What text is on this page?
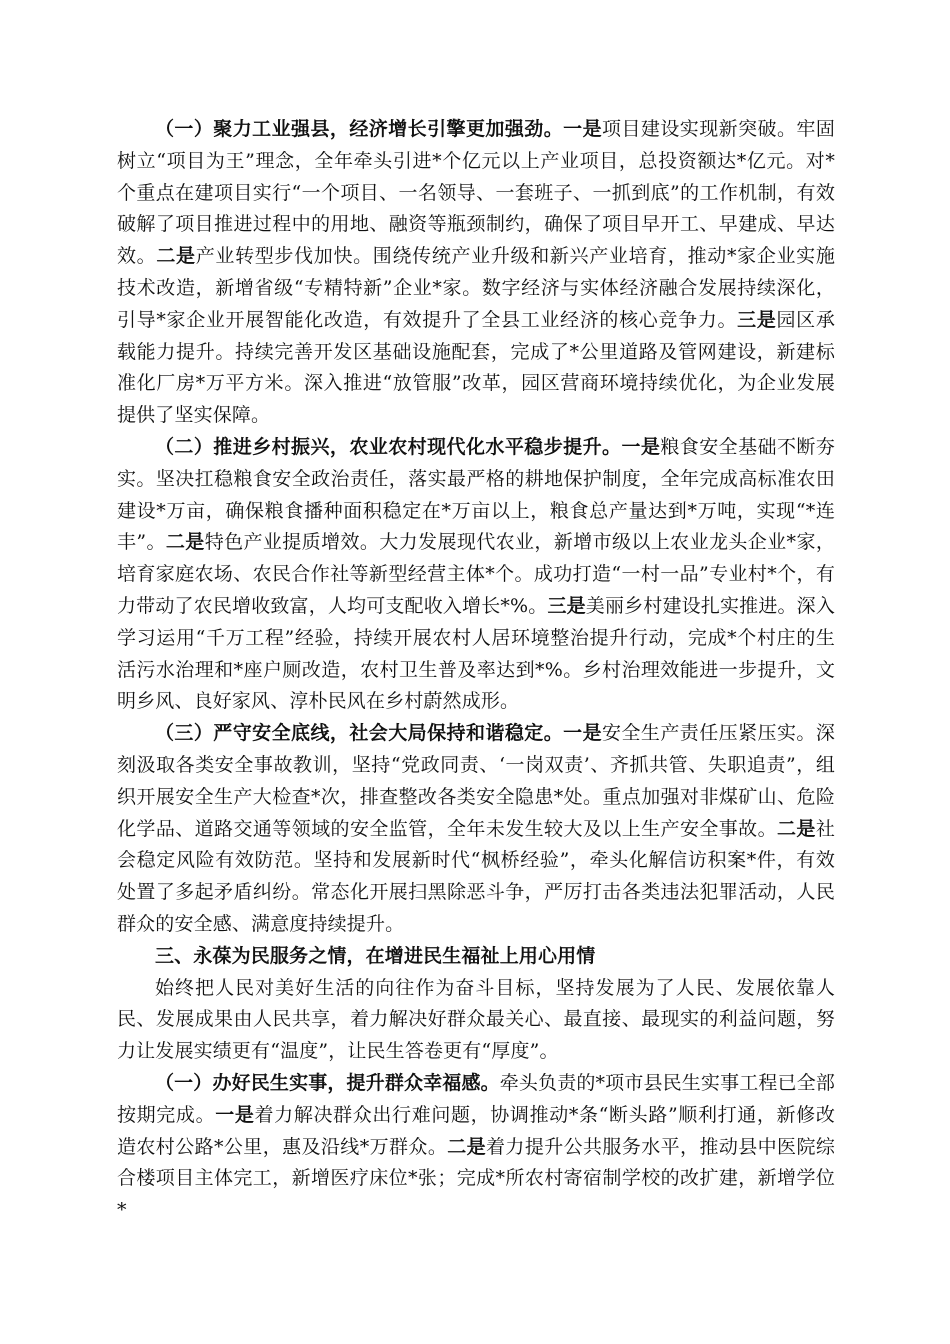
（一）聚力工业强县，经济增长引擎更加强劲。一是项目建设实现新突破。牢固树立“项目为王”理念，全年牵头引进*个亿元以上产业项目，总投资额达*亿元。对*个重点在建项目实行“一个项目、一名领导、一套班子、一抓到底”的工作机制，有效破解了项目推进过程中的用地、融资等瓶颈制约，确保了项目早开工、早建成、早达效。二是产业转型步伐加快。围绕传统产业升级和新兴产业培育，推动*家企业实施技术改造，新增省级“专精特新”企业*家。数字经济与实体经济融合发展持续深化，引导*家企业开展智能化改造，有效提升了全县工业经济的核心竞争力。三是园区承载能力提升。持续完善开发区基础设施配套，完成了*公里道路及管网建设，新建标准化厂房*万平方米。深入推进“放管服”改革，园区营商环境持续优化，为企业发展提供了坚实保障。

（二）推进乡村振兴，农业农村现代化水平稳步提升。一是粮食安全基础不断夯实。坚决扛稳粮食安全政治责任，落实最严格的耕地保护制度，全年完成高标准农田建设*万亩，确保粮食播种面积稳定在*万亩以上，粮食总产量达到*万吨，实现“*连丰”。二是特色产业提质增效。大力发展现代农业，新增市级以上农业龙头企业*家，培育家庭农场、农民合作社等新型经营主体*个。成功打造“一村一品”专业村*个，有力带动了农民增收致富，人均可支配收入增长*%。三是美丽乡村建设扎实推进。深入学习运用“千万工程”经验，持续开展农村人居环境整治提升行动，完成*个村庄的生活污水治理和*座户厕改造，农村卫生普及率达到*%。乡村治理效能进一步提升，文明乡风、良好家风、淳朴民风在乡村蔚然成形。

（三）严守安全底线，社会大局保持和谐稳定。一是安全生产责任压紧压实。深刻汲取各类安全事故教训，坚持“党政同责、‘一岗双责’、齐抓共管、失职追责”，组织开展安全生产大检查*次，排查整改各类安全隐患*处。重点加强对非煤矿山、危险化学品、道路交通等领域的安全监管，全年未发生较大及以上生产安全事故。二是社会稳定风险有效防范。坚持和发展新时代“枫桥经验”，牵头化解信访积案*件，有效处置了多起矛盾纠纷。常态化开展扫黑除恶斗争，严厉打击各类违法犯罪活动，人民群众的安全感、满意度持续提升。

三、永葆为民服务之情，在增进民生福祉上用心用情

始终把人民对美好生活的向往作为奋斗目标，坚持发展为了人民、发展依靠人民、发展成果由人民共享，着力解决好群众最关心、最直接、最现实的利益问题，努力让发展实绩更有“温度”，让民生答卷更有“厚度”。

（一）办好民生实事，提升群众幸福感。牵头负责的*项市县民生实事工程已全部按期完成。一是着力解决群众出行难问题，协调推动*条“断头路”顺利打通，新修改造农村公路*公里，惠及沿线*万群众。二是着力提升公共服务水平，推动县中医院综合楼项目主体完工，新增医疗床位*张；完成*所农村寄宿制学校的改扩建，新增学位*
